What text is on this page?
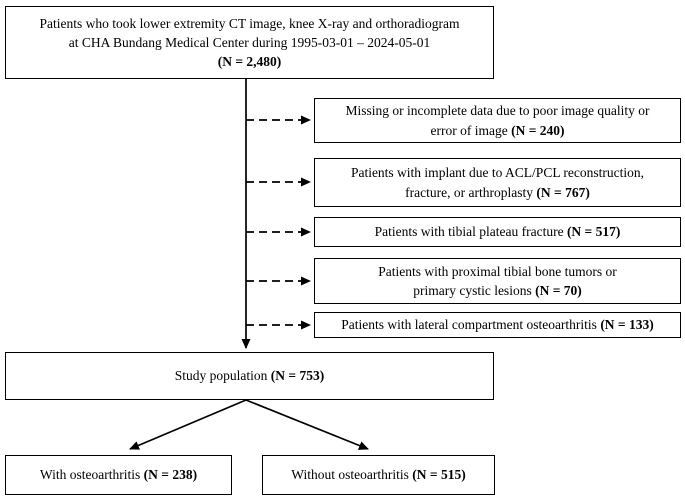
Patients who took lower extremity CT image, knee X-ray and orthoradiogram
at CHA Bundang Medical Center during 1995-03-01 – 2024-05-01
(N = 2,480)
Missing or incomplete data due to poor image quality or
error of image (N = 240)
Patients with implant due to ACL/PCL reconstruction,
fracture, or arthroplasty (N = 767)
Patients with tibial plateau fracture (N = 517)
Patients with proximal tibial bone tumors or
primary cystic lesions (N = 70)
Patients with lateral compartment osteoarthritis (N = 133)
Study population (N = 753)
With osteoarthritis (N = 238)	Without osteoarthritis (N = 515)
